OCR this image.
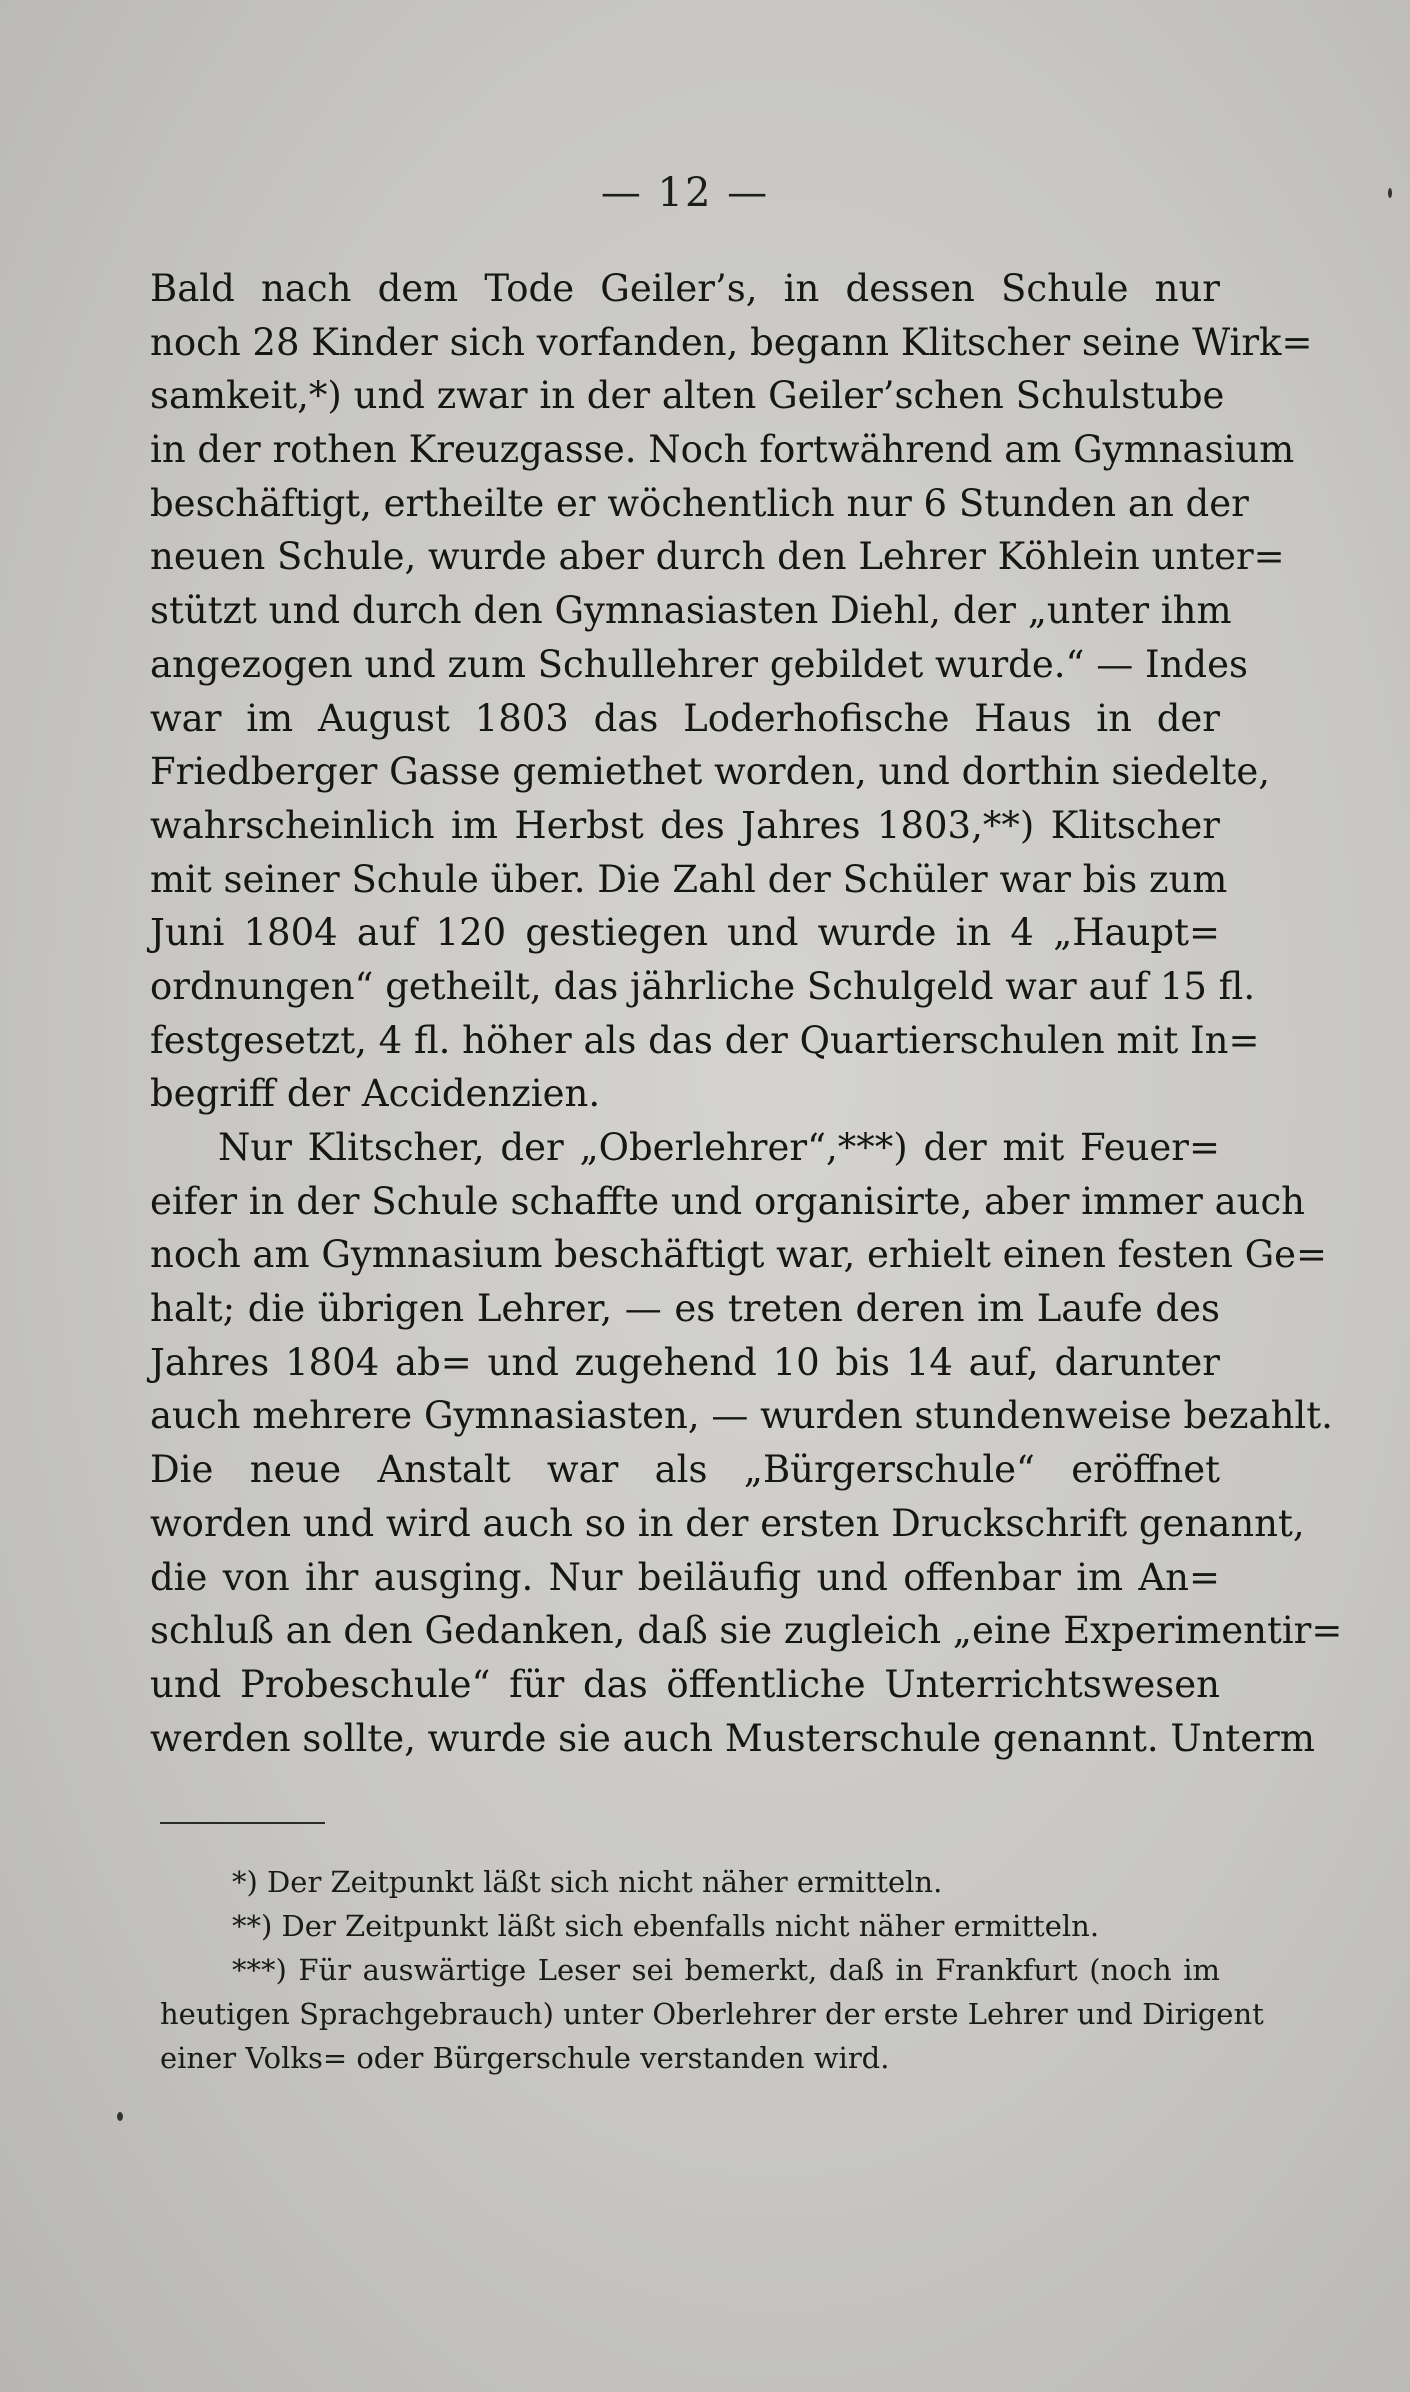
— 12 —
Bald nach dem Tode Geiler’s, in dessen Schule nur
noch 28 Kinder sich vorfanden, begann Klitscher seine Wirk=
samkeit,*) und zwar in der alten Geiler’schen Schulstube
in der rothen Kreuzgasse. Noch fortwährend am Gymnasium
beschäftigt, ertheilte er wöchentlich nur 6 Stunden an der
neuen Schule, wurde aber durch den Lehrer Köhlein unter=
stützt und durch den Gymnasiasten Diehl, der „unter ihm
angezogen und zum Schullehrer gebildet wurde.“ — Indes
war im August 1803 das Loderhofische Haus in der
Friedberger Gasse gemiethet worden, und dorthin siedelte,
wahrscheinlich im Herbst des Jahres 1803,**) Klitscher
mit seiner Schule über. Die Zahl der Schüler war bis zum
Juni 1804 auf 120 gestiegen und wurde in 4 „Haupt=
ordnungen“ getheilt, das jährliche Schulgeld war auf 15 fl.
festgesetzt, 4 fl. höher als das der Quartierschulen mit In=
begriff der Accidenzien.
Nur Klitscher, der „Oberlehrer“,***) der mit Feuer=
eifer in der Schule schaffte und organisirte, aber immer auch
noch am Gymnasium beschäftigt war, erhielt einen festen Ge=
halt; die übrigen Lehrer, — es treten deren im Laufe des
Jahres 1804 ab= und zugehend 10 bis 14 auf, darunter
auch mehrere Gymnasiasten, — wurden stundenweise bezahlt.
Die neue Anstalt war als „Bürgerschule“ eröffnet
worden und wird auch so in der ersten Druckschrift genannt,
die von ihr ausging. Nur beiläufig und offenbar im An=
schluß an den Gedanken, daß sie zugleich „eine Experimentir=
und Probeschule“ für das öffentliche Unterrichtswesen
werden sollte, wurde sie auch Musterschule genannt. Unterm
*) Der Zeitpunkt läßt sich nicht näher ermitteln.
**) Der Zeitpunkt läßt sich ebenfalls nicht näher ermitteln.
***) Für auswärtige Leser sei bemerkt, daß in Frankfurt (noch im
heutigen Sprachgebrauch) unter Oberlehrer der erste Lehrer und Dirigent
einer Volks= oder Bürgerschule verstanden wird.
